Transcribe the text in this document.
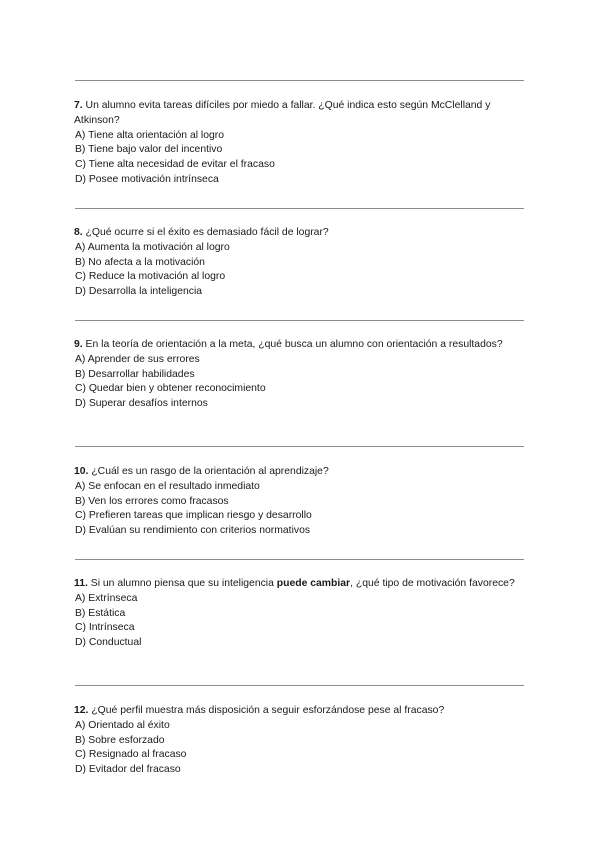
7. Un alumno evita tareas difíciles por miedo a fallar. ¿Qué indica esto según McClelland y Atkinson?

A) Tiene alta orientación al logro

B) Tiene bajo valor del incentivo

C) Tiene alta necesidad de evitar el fracaso

D) Posee motivación intrínseca

8. ¿Qué ocurre si el éxito es demasiado fácil de lograr?

A) Aumenta la motivación al logro

B) No afecta a la motivación

C) Reduce la motivación al logro

D) Desarrolla la inteligencia

9. En la teoría de orientación a la meta, ¿qué busca un alumno con orientación a resultados?

A) Aprender de sus errores

B) Desarrollar habilidades

C) Quedar bien y obtener reconocimiento

D) Superar desafíos internos

10. ¿Cuál es un rasgo de la orientación al aprendizaje?

A) Se enfocan en el resultado inmediato

B) Ven los errores como fracasos

C) Prefieren tareas que implican riesgo y desarrollo

D) Evalúan su rendimiento con criterios normativos

11. Si un alumno piensa que su inteligencia puede cambiar, ¿qué tipo de motivación favorece?

A) Extrínseca

B) Estática

C) Intrínseca

D) Conductual

12. ¿Qué perfil muestra más disposición a seguir esforzándose pese al fracaso?

A) Orientado al éxito

B) Sobre esforzado

C) Resignado al fracaso

D) Evitador del fracaso
